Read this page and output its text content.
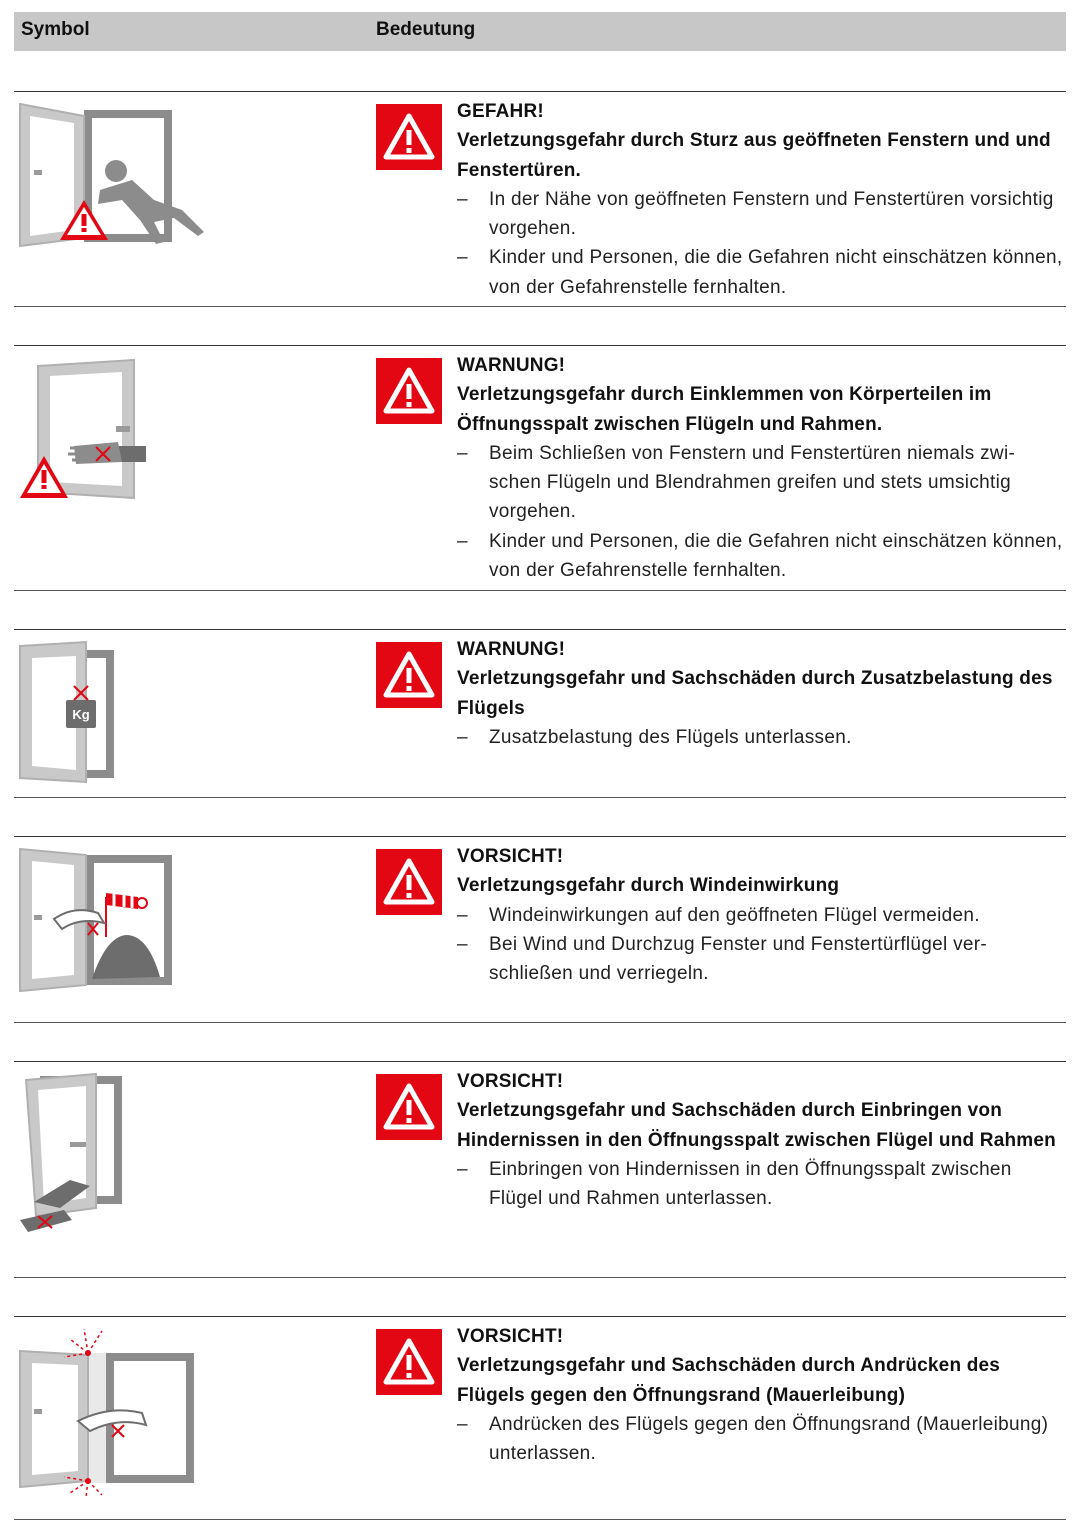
Symbol	Bedeutung
GEFAHR!
Verletzungsgefahr durch Sturz aus geöffneten Fenstern und und Fenstertüren.
– In der Nähe von geöffneten Fenstern und Fenstertüren vorsichtig vorgehen.
– Kinder und Personen, die die Gefahren nicht einschätzen können, von der Gefahrenstelle fernhalten.
WARNUNG!
Verletzungsgefahr durch Einklemmen von Körperteilen im Öffnungsspalt zwischen Flügeln und Rahmen.
– Beim Schließen von Fenstern und Fenstertüren niemals zwi-schen Flügeln und Blendrahmen greifen und stets umsichtig vorgehen.
– Kinder und Personen, die die Gefahren nicht einschätzen können, von der Gefahrenstelle fernhalten.
Kg
WARNUNG!
Verletzungsgefahr und Sachschäden durch Zusatzbelastung des Flügels
– Zusatzbelastung des Flügels unterlassen.
VORSICHT!
Verletzungsgefahr durch Windeinwirkung
– Windeinwirkungen auf den geöffneten Flügel vermeiden.
– Bei Wind und Durchzug Fenster und Fenstertürflügel ver-schließen und verriegeln.
VORSICHT!
Verletzungsgefahr und Sachschäden durch Einbringen von Hindernissen in den Öffnungsspalt zwischen Flügel und Rahmen
– Einbringen von Hindernissen in den Öffnungsspalt zwischen Flügel und Rahmen unterlassen.
VORSICHT!
Verletzungsgefahr und Sachschäden durch Andrücken des Flügels gegen den Öffnungsrand (Mauerleibung)
– Andrücken des Flügels gegen den Öffnungsrand (Mauerleibung) unterlassen.
